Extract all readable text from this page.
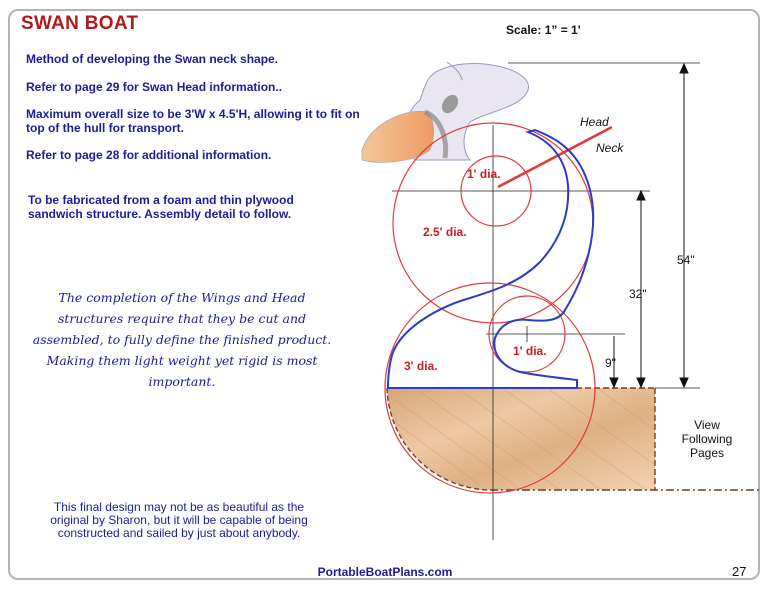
SWAN BOAT	Scale: 1” = 1'
Method of developing the Swan neck shape.
Refer to page 29 for Swan Head information..
Maximum overall size to be 3'W x 4.5'H, allowing it to fit on top of the hull for transport.
Refer to page 28 for additional information.
To be fabricated from a foam and thin plywood sandwich structure. Assembly detail to follow.
The completion of the Wings and Head structures require that they be cut and assembled, to fully define the finished product. Making them light weight yet rigid is most important.
This final design may not be as beautiful as the original by Sharon, but it will be capable of being constructed and sailed by just about anybody.
PortableBoatPlans.com	27
Head
Neck
1' dia.
2.5' dia.
1' dia.
3' dia.
54"
32"
9"
View Following Pages
